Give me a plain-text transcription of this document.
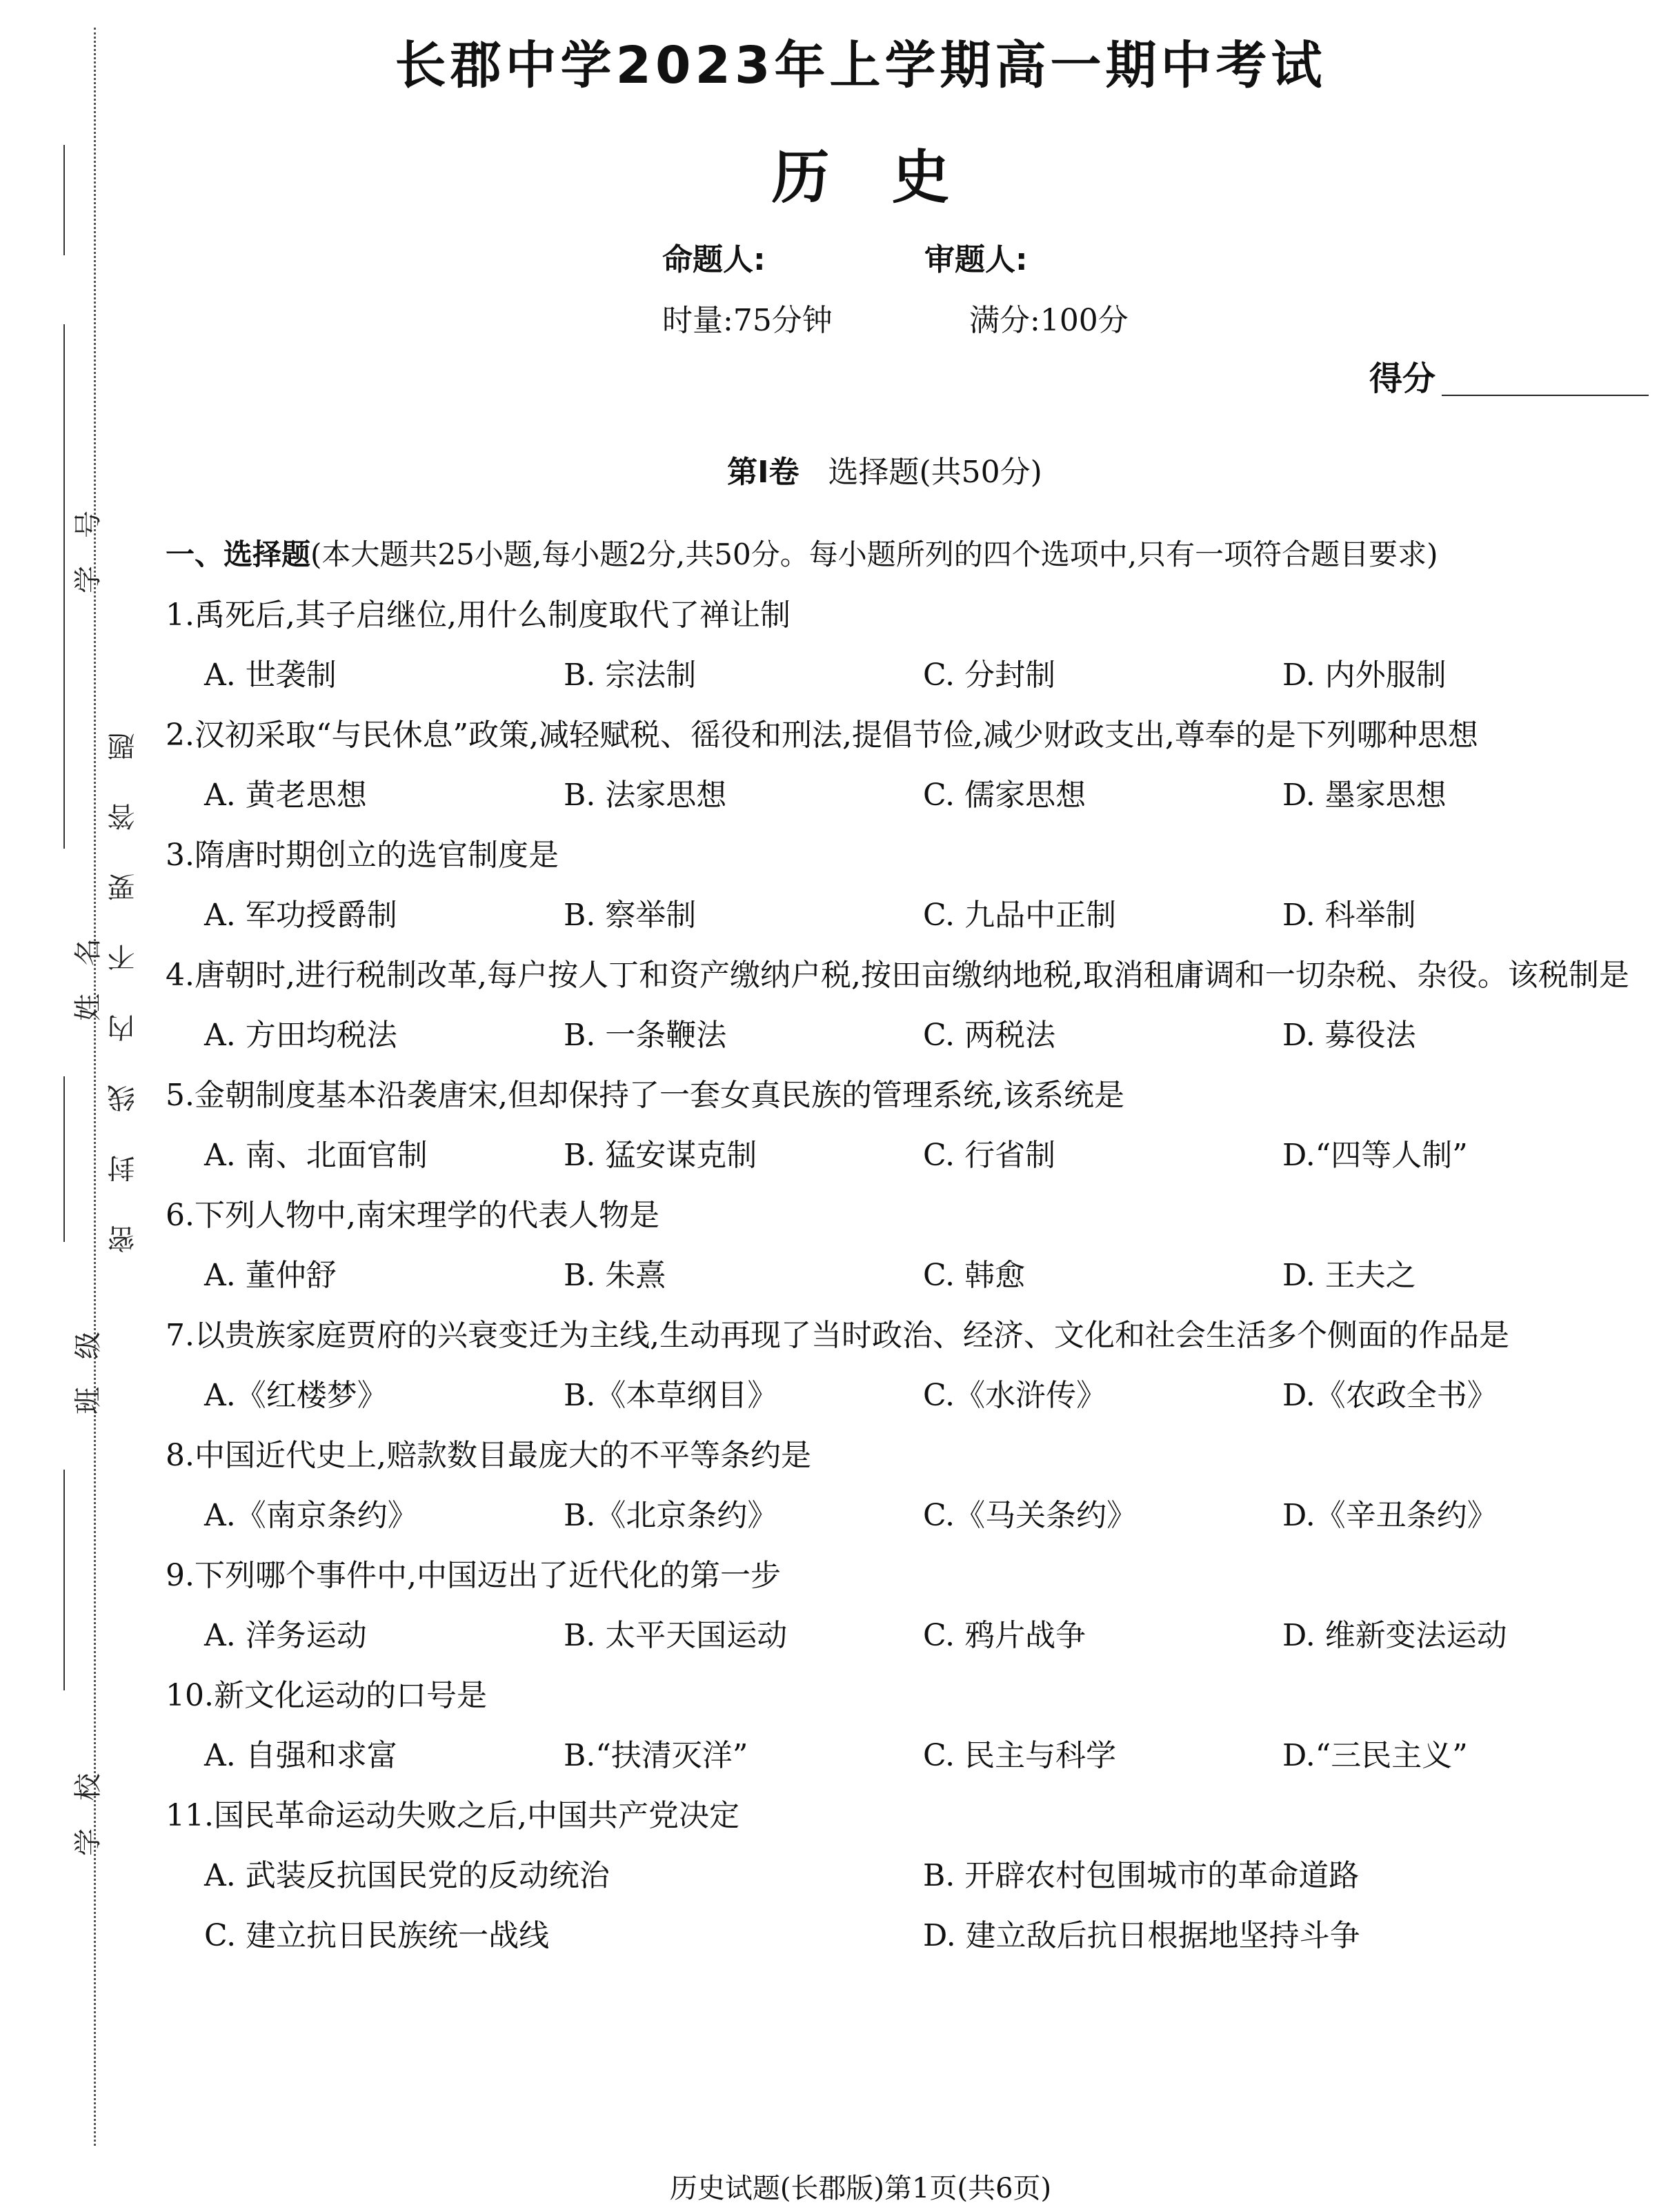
学号
姓名
班级
学校
密封线内不要答题
长郡中学2023年上学期高一期中考试
历史
命题人:	审题人:
时量:75分钟	满分:100分
得分
第Ⅰ卷 选择题(共50分)
一、选择题(本大题共25小题,每小题2分,共50分。每小题所列的四个选项中,只有一项符合题目要求)
1.禹死后,其子启继位,用什么制度取代了禅让制
A. 世袭制	B. 宗法制	C. 分封制	D. 内外服制
2.汉初采取“与民休息”政策,减轻赋税、徭役和刑法,提倡节俭,减少财政支出,尊奉的是下列哪种思想
A. 黄老思想	B. 法家思想	C. 儒家思想	D. 墨家思想
3.隋唐时期创立的选官制度是
A. 军功授爵制	B. 察举制	C. 九品中正制	D. 科举制
4.唐朝时,进行税制改革,每户按人丁和资产缴纳户税,按田亩缴纳地税,取消租庸调和一切杂税、杂役。该税制是
A. 方田均税法	B. 一条鞭法	C. 两税法	D. 募役法
5.金朝制度基本沿袭唐宋,但却保持了一套女真民族的管理系统,该系统是
A. 南、北面官制	B. 猛安谋克制	C. 行省制	D.“四等人制”
6.下列人物中,南宋理学的代表人物是
A. 董仲舒	B. 朱熹	C. 韩愈	D. 王夫之
7.以贵族家庭贾府的兴衰变迁为主线,生动再现了当时政治、经济、文化和社会生活多个侧面的作品是
A.《红楼梦》	B.《本草纲目》	C.《水浒传》	D.《农政全书》
8.中国近代史上,赔款数目最庞大的不平等条约是
A.《南京条约》	B.《北京条约》	C.《马关条约》	D.《辛丑条约》
9.下列哪个事件中,中国迈出了近代化的第一步
A. 洋务运动	B. 太平天国运动	C. 鸦片战争	D. 维新变法运动
10.新文化运动的口号是
A. 自强和求富	B.“扶清灭洋”	C. 民主与科学	D.“三民主义”
11.国民革命运动失败之后,中国共产党决定
A. 武装反抗国民党的反动统治	B. 开辟农村包围城市的革命道路
C. 建立抗日民族统一战线	D. 建立敌后抗日根据地坚持斗争
历史试题(长郡版)第1页(共6页)
